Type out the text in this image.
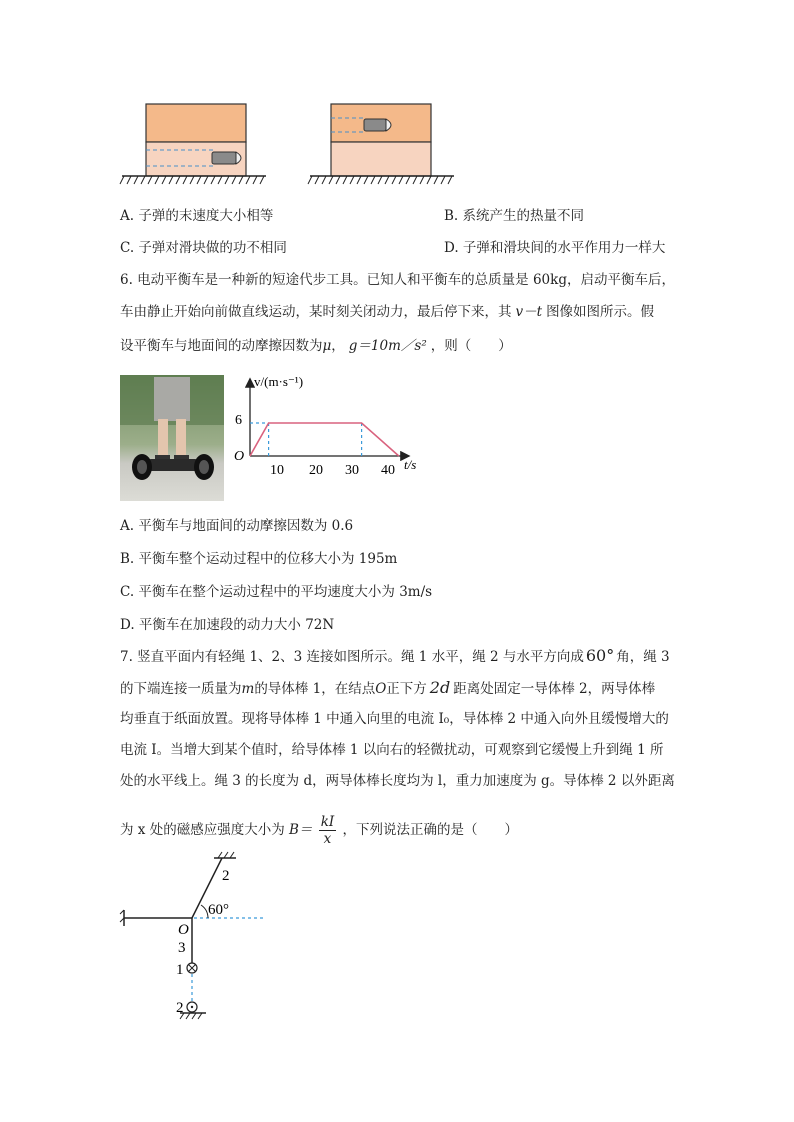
A. 子弹的末速度大小相等	B. 系统产生的热量不同
C. 子弹对滑块做的功不相同	D. 子弹和滑块间的水平作用力一样大
6. 电动平衡车是一种新的短途代步工具。已知人和平衡车的总质量是 60kg，启动平衡车后，
车由静止开始向前做直线运动，某时刻关闭动力，最后停下来，其 v－t 图像如图所示。假
设平衡车与地面间的动摩擦因数为μ， g＝10m／s² ，则（　　）
v/(m·s⁻¹)
t/s
O
6
10 20 30 40
A. 平衡车与地面间的动摩擦因数为 0.6
B. 平衡车整个运动过程中的位移大小为 195m
C. 平衡车在整个运动过程中的平均速度大小为 3m/s
D. 平衡车在加速段的动力大小 72N
7. 竖直平面内有轻绳 1、2、3 连接如图所示。绳 1 水平，绳 2 与水平方向成 60° 角，绳 3
的下端连接一质量为m的导体棒 1，在结点O正下方 2d 距离处固定一导体棒 2，两导体棒
均垂直于纸面放置。现将导体棒 1 中通入向里的电流 I₀，导体棒 2 中通入向外且缓慢增大的
电流 I。当增大到某个值时，给导体棒 1 以向右的轻微扰动，可观察到它缓慢上升到绳 1 所
处的水平线上。绳 3 的长度为 d，两导体棒长度均为 l，重力加速度为 g。导体棒 2 以外距离
为 x 处的磁感应强度大小为 $B= \frac{kI}{x}$ ，下列说法正确的是（　　）
2
60°
O
3
1
2
